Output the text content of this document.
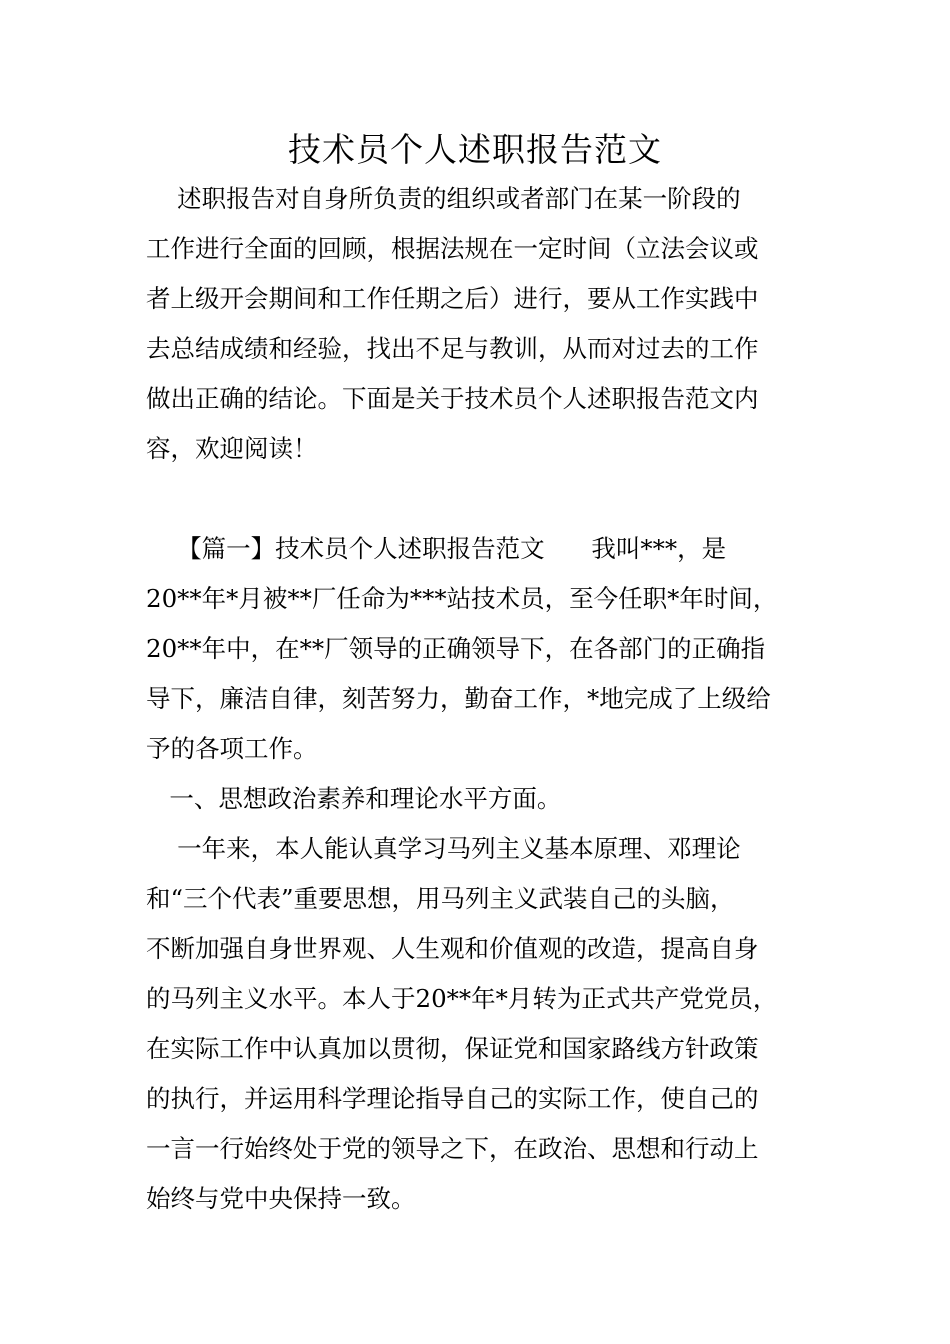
技术员个人述职报告范文

述职报告对自身所负责的组织或者部门在某一阶段的

工作进行全面的回顾，根据法规在一定时间（立法会议或

者上级开会期间和工作任期之后）进行，要从工作实践中

去总结成绩和经验，找出不足与教训，从而对过去的工作

做出正确的结论。下面是关于技术员个人述职报告范文内

容，欢迎阅读！

【篇一】技术员个人述职报告范文      我叫***，是

20**年*月被**厂任命为***站技术员，至今任职*年时间，

20**年中，在**厂领导的正确领导下，在各部门的正确指

导下，廉洁自律，刻苦努力，勤奋工作，*地完成了上级给

予的各项工作。

一、思想政治素养和理论水平方面。

一年来，本人能认真学习马列主义基本原理、邓理论

和“三个代表”重要思想，用马列主义武装自己的头脑，

不断加强自身世界观、人生观和价值观的改造，提高自身

的马列主义水平。本人于20**年*月转为正式共产党党员，

在实际工作中认真加以贯彻，保证党和国家路线方针政策

的执行，并运用科学理论指导自己的实际工作，使自己的

一言一行始终处于党的领导之下，在政治、思想和行动上

始终与党中央保持一致。
